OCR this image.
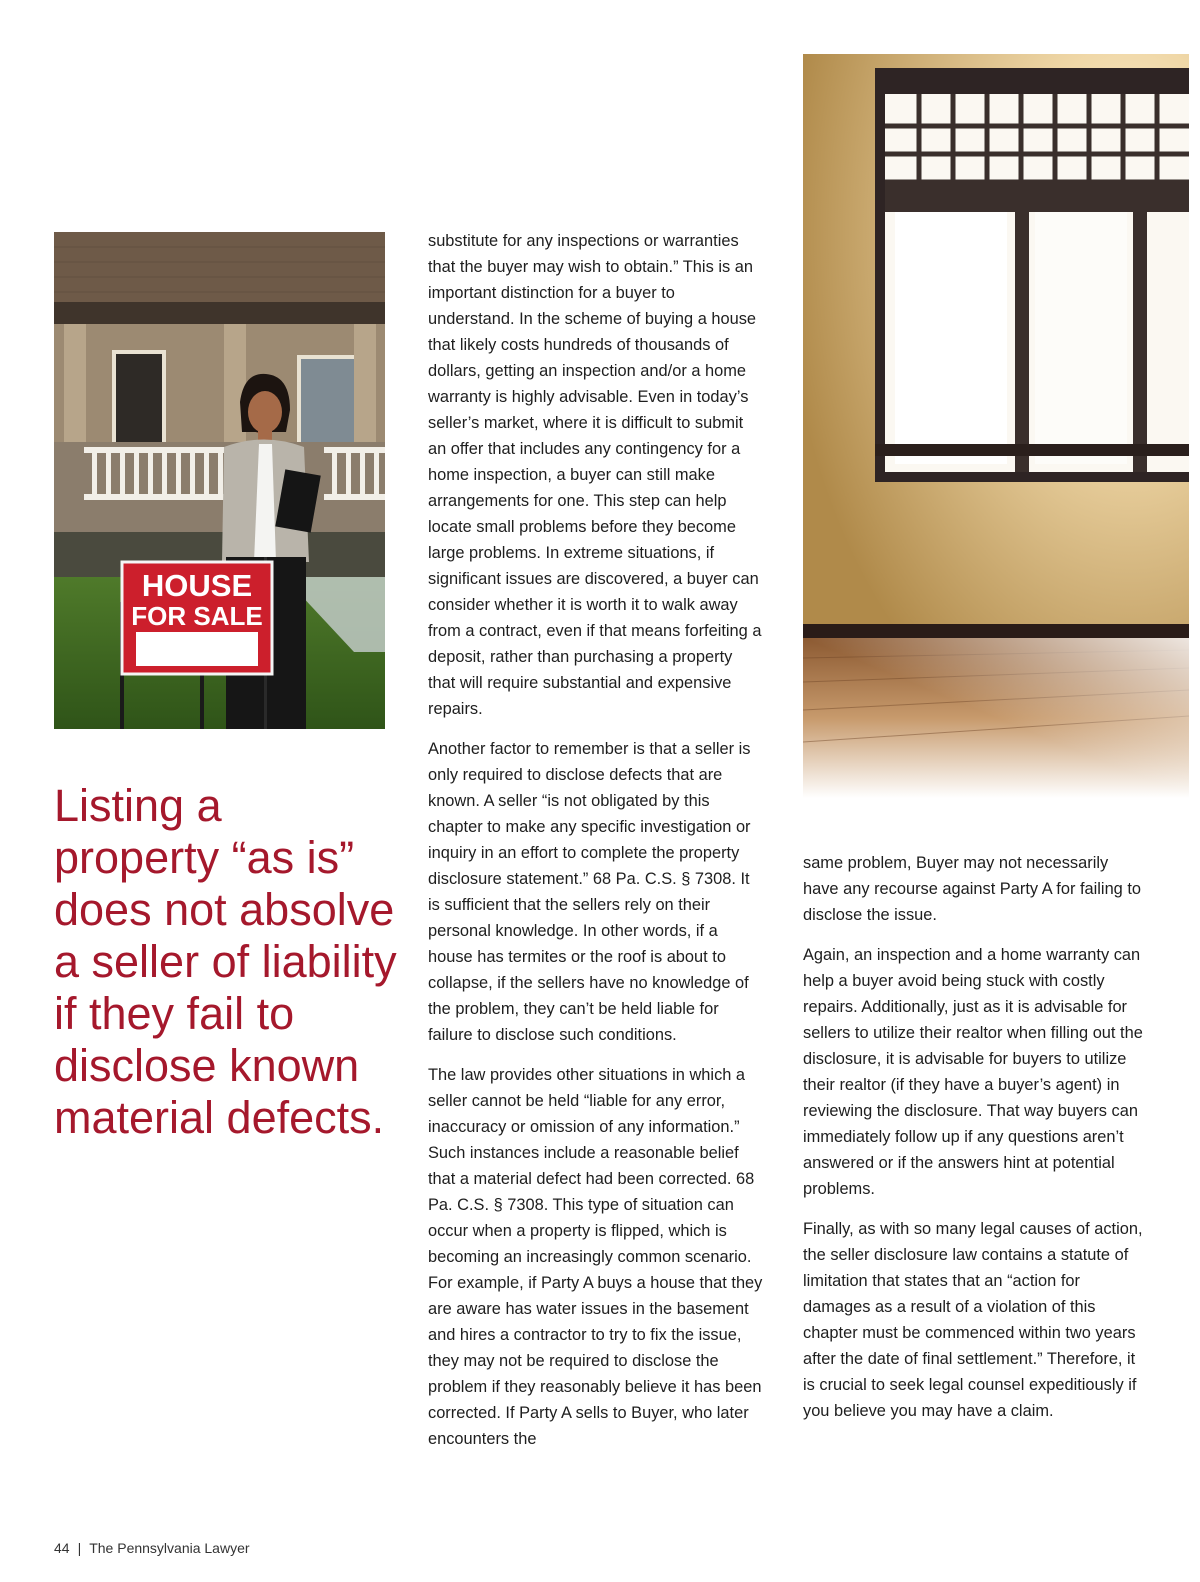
HOUSE
FOR SALE

Listing a property “as is” does not absolve a seller of liability if they fail to disclose known material defects.

substitute for any inspections or warranties that the buyer may wish to obtain.” This is an important distinction for a buyer to understand. In the scheme of buying a house that likely costs hundreds of thousands of dollars, getting an inspection and/or a home warranty is highly advisable. Even in today’s seller’s market, where it is difficult to submit an offer that includes any contingency for a home inspection, a buyer can still make arrangements for one. This step can help locate small problems before they become large problems. In extreme situations, if significant issues are discovered, a buyer can consider whether it is worth it to walk away from a contract, even if that means forfeiting a deposit, rather than purchasing a property that will require substantial and expensive repairs.

Another factor to remember is that a seller is only required to disclose defects that are known. A seller “is not obligated by this chapter to make any specific investigation or inquiry in an effort to complete the property disclosure statement.” 68 Pa. C.S. § 7308. It is sufficient that the sellers rely on their personal knowledge. In other words, if a house has termites or the roof is about to collapse, if the sellers have no knowledge of the problem, they can’t be held liable for failure to disclose such conditions.

The law provides other situations in which a seller cannot be held “liable for any error, inaccuracy or omission of any information.” Such instances include a reasonable belief that a material defect had been corrected. 68 Pa. C.S. § 7308. This type of situation can occur when a property is flipped, which is becoming an increasingly common scenario. For example, if Party A buys a house that they are aware has water issues in the basement and hires a contractor to try to fix the issue, they may not be required to disclose the problem if they reasonably believe it has been corrected. If Party A sells to Buyer, who later encounters the

same problem, Buyer may not necessarily have any recourse against Party A for failing to disclose the issue.

Again, an inspection and a home warranty can help a buyer avoid being stuck with costly repairs. Additionally, just as it is advisable for sellers to utilize their realtor when filling out the disclosure, it is advisable for buyers to utilize their realtor (if they have a buyer’s agent) in reviewing the disclosure. That way buyers can immediately follow up if any questions aren’t answered or if the answers hint at potential problems.

Finally, as with so many legal causes of action, the seller disclosure law contains a statute of limitation that states that an “action for damages as a result of a violation of this chapter must be commenced within two years after the date of final settlement.” Therefore, it is crucial to seek legal counsel expeditiously if you believe you may have a claim.

44 | The Pennsylvania Lawyer
